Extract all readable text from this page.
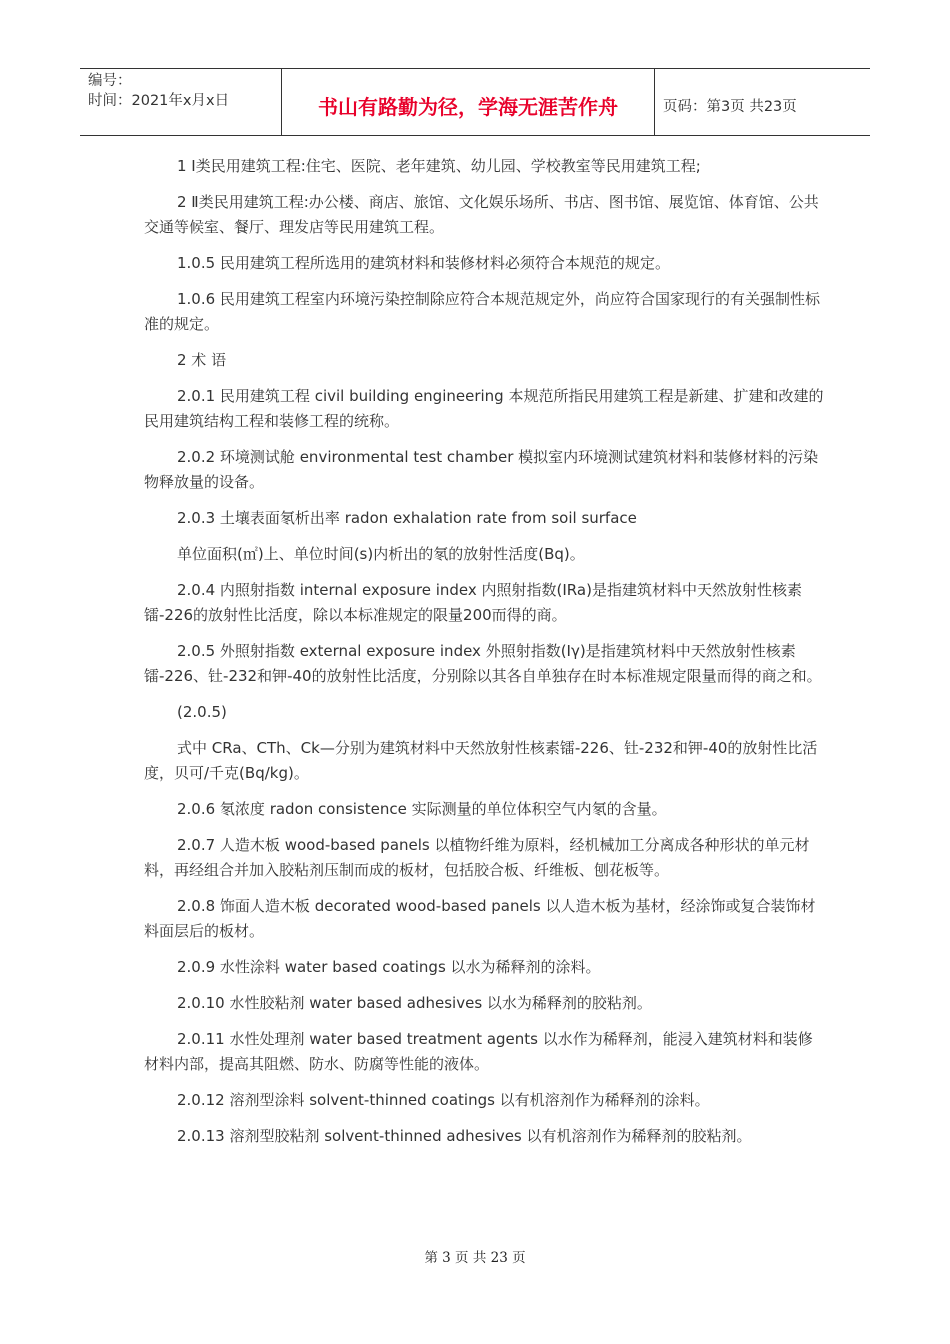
编号：
时间：2021年x月x日	书山有路勤为径，学海无涯苦作舟	页码：第3页 共23页

1 Ⅰ类民用建筑工程:住宅、医院、老年建筑、幼儿园、学校教室等民用建筑工程;

2 Ⅱ类民用建筑工程:办公楼、商店、旅馆、文化娱乐场所、书店、图书馆、展览馆、体育馆、公共交通等候室、餐厅、理发店等民用建筑工程。

1.0.5 民用建筑工程所选用的建筑材料和装修材料必须符合本规范的规定。

1.0.6 民用建筑工程室内环境污染控制除应符合本规范规定外，尚应符合国家现行的有关强制性标准的规定。

2 术 语

2.0.1 民用建筑工程 civil building engineering 本规范所指民用建筑工程是新建、扩建和改建的民用建筑结构工程和装修工程的统称。

2.0.2 环境测试舱 environmental test chamber 模拟室内环境测试建筑材料和装修材料的污染物释放量的设备。

2.0.3 土壤表面氡析出率 radon exhalation rate from soil surface

单位面积(㎡)上、单位时间(s)内析出的氡的放射性活度(Bq)。

2.0.4 内照射指数 internal exposure index 内照射指数(IRa)是指建筑材料中天然放射性核素镭-226的放射性比活度，除以本标准规定的限量200而得的商。

2.0.5 外照射指数 external exposure index 外照射指数(Iγ)是指建筑材料中天然放射性核素镭-226、钍-232和钾-40的放射性比活度，分别除以其各自单独存在时本标准规定限量而得的商之和。

(2.0.5)

式中 CRa、CTh、Ck—分别为建筑材料中天然放射性核素镭-226、钍-232和钾-40的放射性比活度，贝可/千克(Bq/kg)。

2.0.6 氡浓度 radon consistence 实际测量的单位体积空气内氡的含量。

2.0.7 人造木板 wood-based panels 以植物纤维为原料，经机械加工分离成各种形状的单元材料，再经组合并加入胶粘剂压制而成的板材，包括胶合板、纤维板、刨花板等。

2.0.8 饰面人造木板 decorated wood-based panels 以人造木板为基材，经涂饰或复合装饰材料面层后的板材。

2.0.9 水性涂料 water based coatings 以水为稀释剂的涂料。

2.0.10 水性胶粘剂 water based adhesives 以水为稀释剂的胶粘剂。

2.0.11 水性处理剂 water based treatment agents 以水作为稀释剂，能浸入建筑材料和装修材料内部，提高其阻燃、防水、防腐等性能的液体。

2.0.12 溶剂型涂料 solvent-thinned coatings 以有机溶剂作为稀释剂的涂料。

2.0.13 溶剂型胶粘剂 solvent-thinned adhesives 以有机溶剂作为稀释剂的胶粘剂。

第 3 页 共 23 页
